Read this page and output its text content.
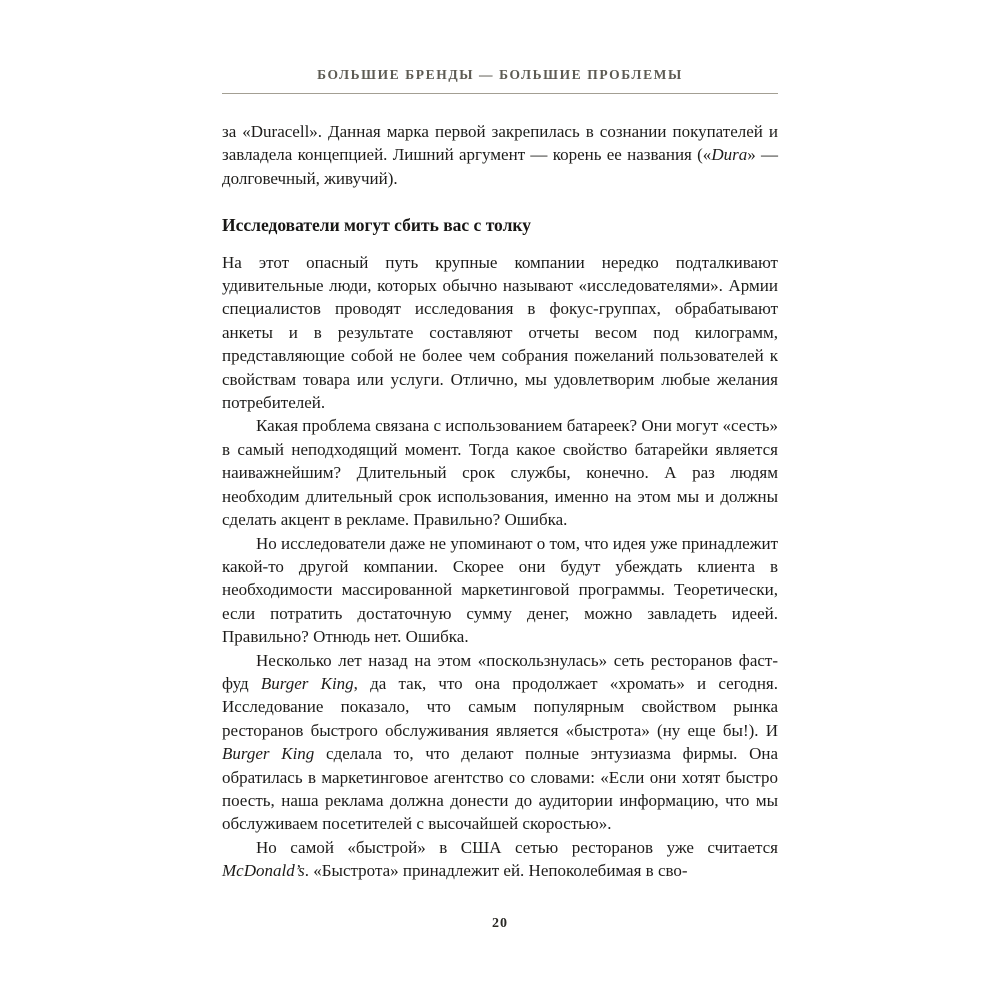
БОЛЬШИЕ БРЕНДЫ — БОЛЬШИЕ ПРОБЛЕМЫ

за «Duracell». Данная марка первой закрепилась в сознании покупателей и завладела концепцией. Лишний аргумент — корень ее названия («Dura» — долговечный, живучий).

Исследователи могут сбить вас с толку

На этот опасный путь крупные компании нередко подталкивают удивительные люди, которых обычно называют «исследователями». Армии специалистов проводят исследования в фокус-группах, обрабатывают анкеты и в результате составляют отчеты весом под килограмм, представляющие собой не более чем собрания пожеланий пользователей к свойствам товара или услуги. Отлично, мы удовлетворим любые желания потребителей.

Какая проблема связана с использованием батареек? Они могут «сесть» в самый неподходящий момент. Тогда какое свойство батарейки является наиважнейшим? Длительный срок службы, конечно. А раз людям необходим длительный срок использования, именно на этом мы и должны сделать акцент в рекламе. Правильно? Ошибка.

Но исследователи даже не упоминают о том, что идея уже принадлежит какой-то другой компании. Скорее они будут убеждать клиента в необходимости массированной маркетинговой программы. Теоретически, если потратить достаточную сумму денег, можно завладеть идеей. Правильно? Отнюдь нет. Ошибка.

Несколько лет назад на этом «поскользнулась» сеть ресторанов фаст-фуд Burger King, да так, что она продолжает «хромать» и сегодня. Исследование показало, что самым популярным свойством рынка ресторанов быстрого обслуживания является «быстрота» (ну еще бы!). И Burger King сделала то, что делают полные энтузиазма фирмы. Она обратилась в маркетинговое агентство со словами: «Если они хотят быстро поесть, наша реклама должна донести до аудитории информацию, что мы обслуживаем посетителей с высочайшей скоростью».

Но самой «быстрой» в США сетью ресторанов уже считается McDonald’s. «Быстрота» принадлежит ей. Непоколебимая в сво-

20
